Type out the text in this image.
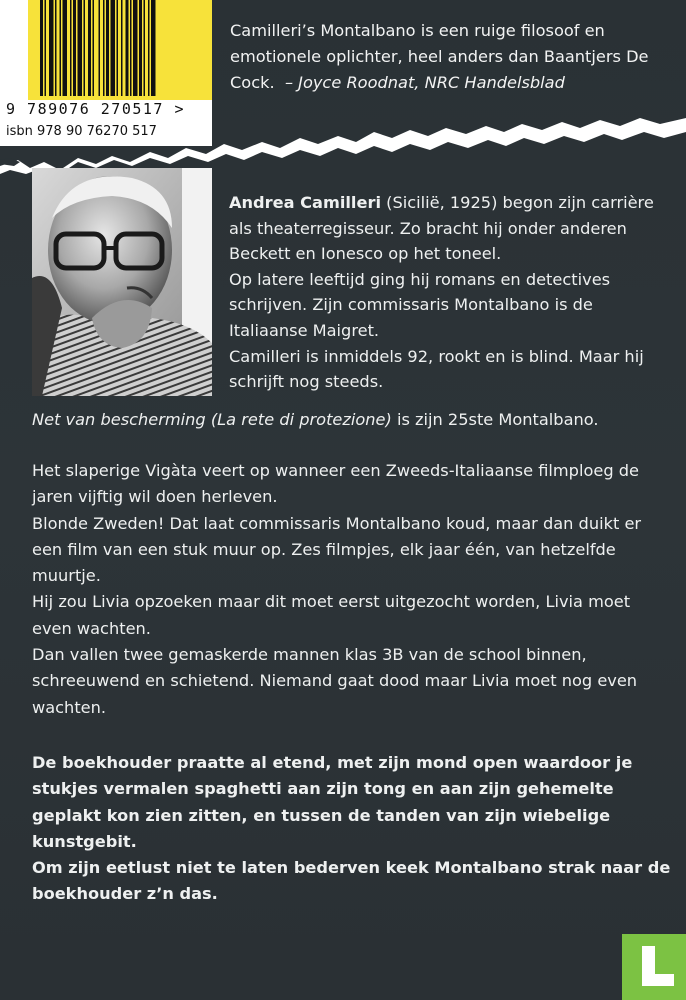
9 789076 270517 >
isbn 978 90 76270 517
Camilleri’s Montalbano is een ruige filosoof en emotionele oplichter, heel anders dan Baantjers De Cock. – Joyce Roodnat, NRC Handelsblad
Andrea Camilleri (Sicilië, 1925) begon zijn carrière als theaterregisseur. Zo bracht hij onder anderen Beckett en Ionesco op het toneel.
Op latere leeftijd ging hij romans en detectives schrijven. Zijn commissaris Montalbano is de Italiaanse Maigret.
Camilleri is inmiddels 92, rookt en is blind. Maar hij schrijft nog steeds.
Net van bescherming (La rete di protezione) is zijn 25ste Montalbano.

Het slaperige Vigàta veert op wanneer een Zweeds-Italiaanse filmploeg de jaren vijftig wil doen herleven.

Blonde Zweden! Dat laat commissaris Montalbano koud, maar dan duikt er een film van een stuk muur op. Zes filmpjes, elk jaar één, van hetzelfde muurtje.

Hij zou Livia opzoeken maar dit moet eerst uitgezocht worden, Livia moet even wachten.

Dan vallen twee gemaskerde mannen klas 3B van de school binnen, schreeuwend en schietend. Niemand gaat dood maar Livia moet nog even wachten.

De boekhouder praatte al etend, met zijn mond open waardoor je stukjes vermalen spaghetti aan zijn tong en aan zijn gehemelte geplakt kon zien zitten, en tussen de tanden van zijn wiebelige kunstgebit.

Om zijn eetlust niet te laten bederven keek Montalbano strak naar de boekhouder z’n das.
